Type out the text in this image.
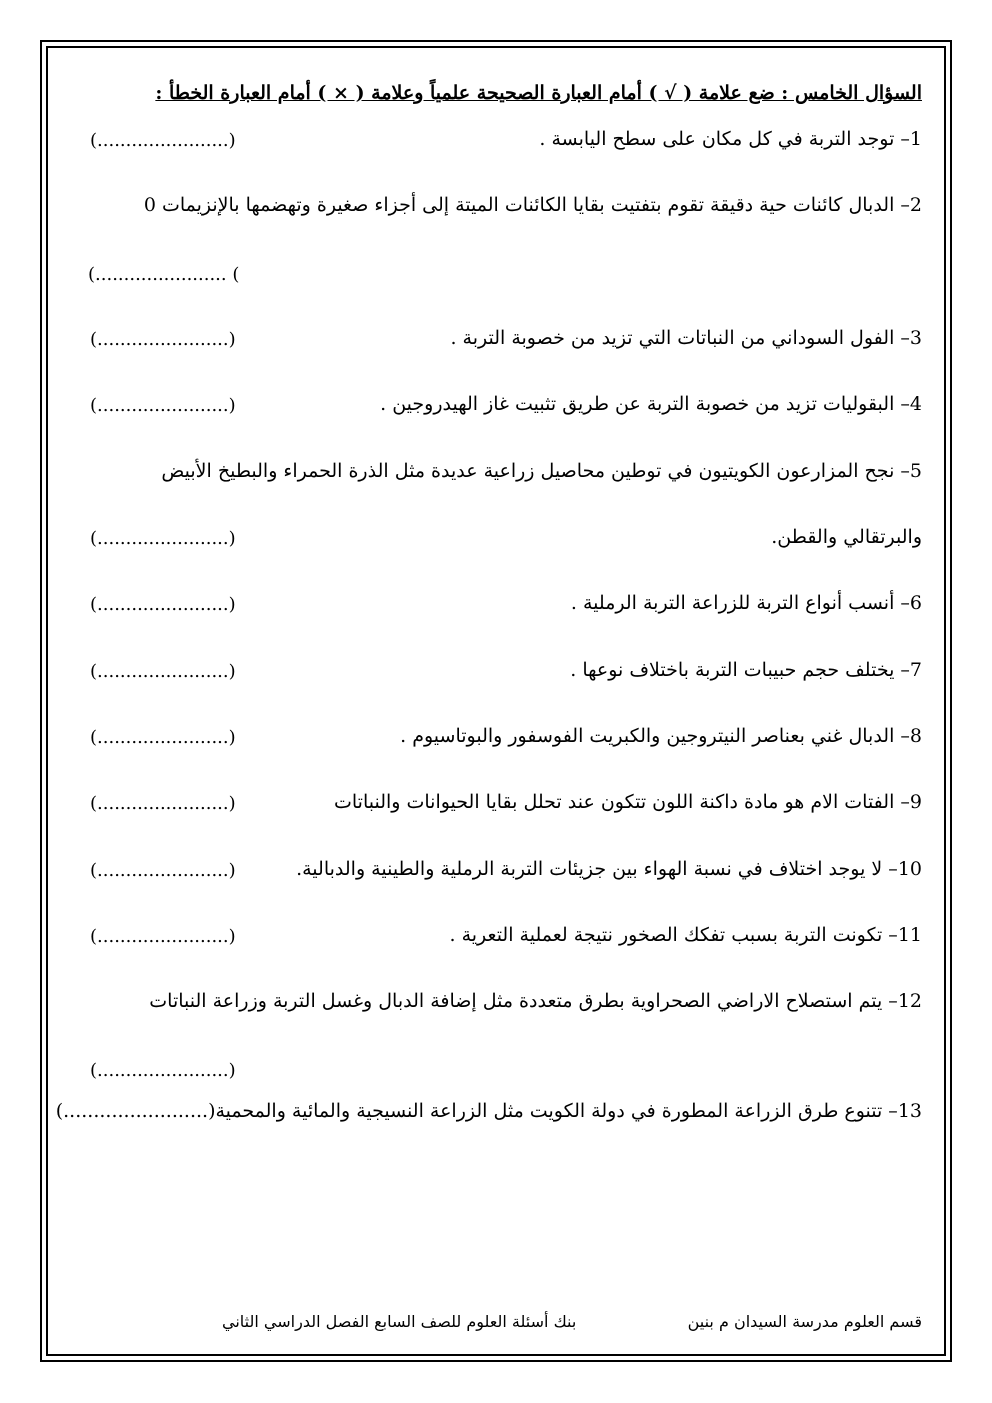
السؤال الخامس : ضع علامة ( √ ) أمام العبارة الصحيحة علمياً وعلامة ( × ) أمام العبارة الخطأ :
1– توجد التربة في كل مكان على سطح اليابسة .
(.......................)
2– الدبال كائنات حية دقيقة تقوم بتفتيت بقايا الكائنات الميتة إلى أجزاء صغيرة وتهضمها بالإنزيمات 0
(....................... (
3– الفول السوداني من النباتات التي تزيد من خصوبة التربة .
(.......................)
4– البقوليات تزيد من خصوبة التربة عن طريق تثبيت غاز الهيدروجين .
(.......................)
5– نجح المزارعون الكويتيون في توطين محاصيل زراعية عديدة مثل الذرة الحمراء والبطيخ الأبيض
والبرتقالي والقطن.
(.......................)
6– أنسب أنواع التربة للزراعة التربة الرملية .
(.......................)
7– يختلف حجم حبيبات التربة باختلاف نوعها .
(.......................)
8– الدبال غني بعناصر النيتروجين والكبريت الفوسفور والبوتاسيوم .
(.......................)
9– الفتات الام هو مادة داكنة اللون تتكون عند تحلل بقايا الحيوانات والنباتات
(.......................)
10– لا يوجد اختلاف في نسبة الهواء بين جزيئات التربة الرملية والطينية والدبالية.
(.......................)
11– تكونت التربة بسبب تفكك الصخور نتيجة لعملية التعرية .
(.......................)
12– يتم استصلاح الاراضي الصحراوية بطرق متعددة مثل إضافة الدبال وغسل التربة وزراعة النباتات
(.......................)
13– تتنوع طرق الزراعة المطورة في دولة الكويت مثل الزراعة النسيجية والمائية والمحمية(........................)
قسم العلوم مدرسة السيدان م بنين
بنك أسئلة العلوم للصف السابع الفصل الدراسي الثاني
